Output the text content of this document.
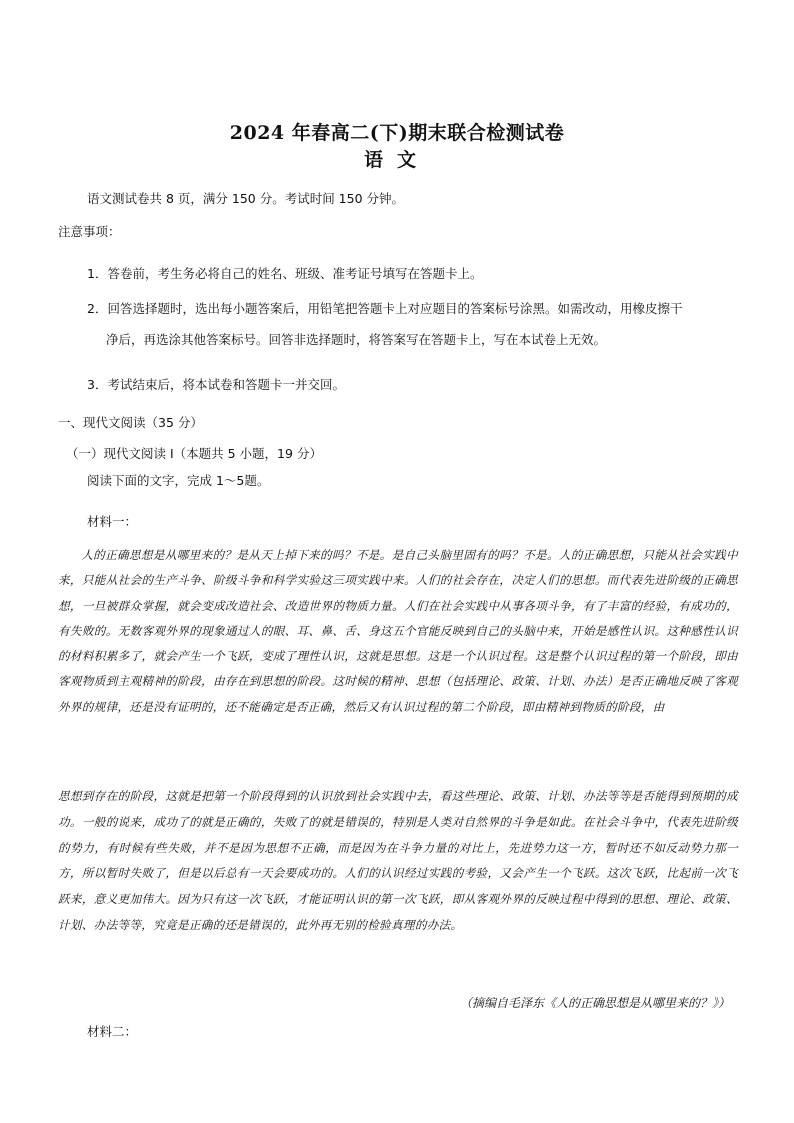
2024 年春高二(下)期末联合检测试卷
语文
语文测试卷共 8 页，满分 150 分。考试时间 150 分钟。
注意事项：
1．答卷前，考生务必将自己的姓名、班级、准考证号填写在答题卡上。
2．回答选择题时，选出每小题答案后，用铅笔把答题卡上对应题目的答案标号涂黑。如需改动，用橡皮擦干
净后，再选涂其他答案标号。回答非选择题时，将答案写在答题卡上，写在本试卷上无效。
3．考试结束后，将本试卷和答题卡一并交回。
一、现代文阅读（35 分）
（一）现代文阅读 Ⅰ（本题共 5 小题，19 分）
阅读下面的文字，完成 1～5题。
材料一：

人的正确思想是从哪里来的？是从天上掉下来的吗？不是。是自己头脑里固有的吗？不是。人的正确思想，只能从社会实践中来，只能从社会的生产斗争、阶级斗争和科学实验这三项实践中来。人们的社会存在，决定人们的思想。而代表先进阶级的正确思想，一旦被群众掌握，就会变成改造社会、改造世界的物质力量。人们在社会实践中从事各项斗争，有了丰富的经验，有成功的，有失败的。无数客观外界的现象通过人的眼、耳、鼻、舌、身这五个官能反映到自己的头脑中来，开始是感性认识。这种感性认识的材料积累多了，就会产生一个飞跃，变成了理性认识，这就是思想。这是一个认识过程。这是整个认识过程的第一个阶段，即由客观物质到主观精神的阶段，由存在到思想的阶段。这时候的精神、思想（包括理论、政策、计划、办法）是否正确地反映了客观外界的规律，还是没有证明的，还不能确定是否正确，然后又有认识过程的第二个阶段，即由精神到物质的阶段，由

思想到存在的阶段，这就是把第一个阶段得到的认识放到社会实践中去，看这些理论、政策、计划、办法等等是否能得到预期的成功。一般的说来，成功了的就是正确的，失败了的就是错误的，特别是人类对自然界的斗争是如此。在社会斗争中，代表先进阶级的势力，有时候有些失败，并不是因为思想不正确，而是因为在斗争力量的对比上，先进势力这一方，暂时还不如反动势力那一方，所以暂时失败了，但是以后总有一天会要成功的。人们的认识经过实践的考验，又会产生一个飞跃。这次飞跃，比起前一次飞跃来，意义更加伟大。因为只有这一次飞跃，才能证明认识的第一次飞跃，即从客观外界的反映过程中得到的思想、理论、政策、计划、办法等等，究竟是正确的还是错误的，此外再无别的检验真理的办法。

（摘编自毛泽东《人的正确思想是从哪里来的？》）
材料二：
